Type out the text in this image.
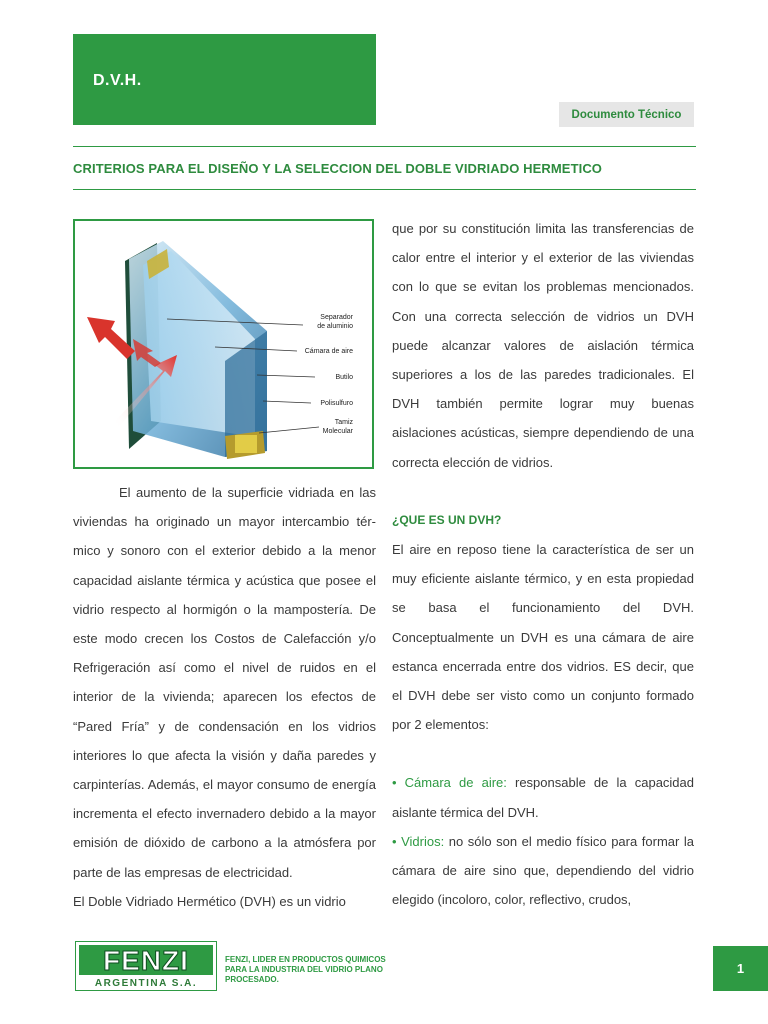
D.V.H.
Documento Técnico
CRITERIOS PARA EL DISEÑO Y LA SELECCION DEL DOBLE VIDRIADO HERMETICO
Separador
de aluminio
Cámara de aire
Butilo
Polisulfuro
Tamiz
Molecular

El aumento de la superficie vidriada en las viviendas ha originado un mayor intercambio térmico y sonoro con el exterior debido a la menor capacidad aislante térmica y acústica que posee el vidrio respecto al hormigón o la mampostería. De este modo crecen los Costos de Calefacción y/o Refrigeración así como el nivel de ruidos en el interior de la vivienda; aparecen los efectos de “Pared Fría” y de condensación en los vidrios interiores lo que afecta la visión y daña paredes y carpinterías. Además, el mayor consumo de energía incrementa el efecto invernadero debido a la mayor emisión de dióxido de carbono a la atmósfera por parte de las empresas de electricidad.

El Doble Vidriado Hermético (DVH) es un vidrio

que por su constitución limita las transferencias de calor entre el interior y el exterior de las viviendas con lo que se evitan los problemas mencionados. Con una correcta selección de vidrios un DVH puede alcanzar valores de aislación térmica superiores a los de las paredes tradicionales. El DVH también permite lograr muy buenas aislaciones acústicas, siempre dependiendo de una correcta elección de vidrios.

¿QUE ES UN DVH?

El aire en reposo tiene la característica de ser un muy eficiente aislante térmico, y en esta propiedad se basa el funcionamiento del DVH. Conceptualmente un DVH es una cámara de aire estanca encerrada entre dos vidrios. ES decir, que el DVH debe ser visto como un conjunto formado por 2 elementos:

• Cámara de aire: responsable de la capacidad aislante térmica del DVH.

• Vidrios: no sólo son el medio físico para formar la cámara de aire sino que, dependiendo del vidrio elegido (incoloro, color, reflectivo, crudos,

FENZI
ARGENTINA S.A.
FENZI, LIDER EN PRODUCTOS QUIMICOS
PARA LA INDUSTRIA DEL VIDRIO PLANO
PROCESADO.
1
